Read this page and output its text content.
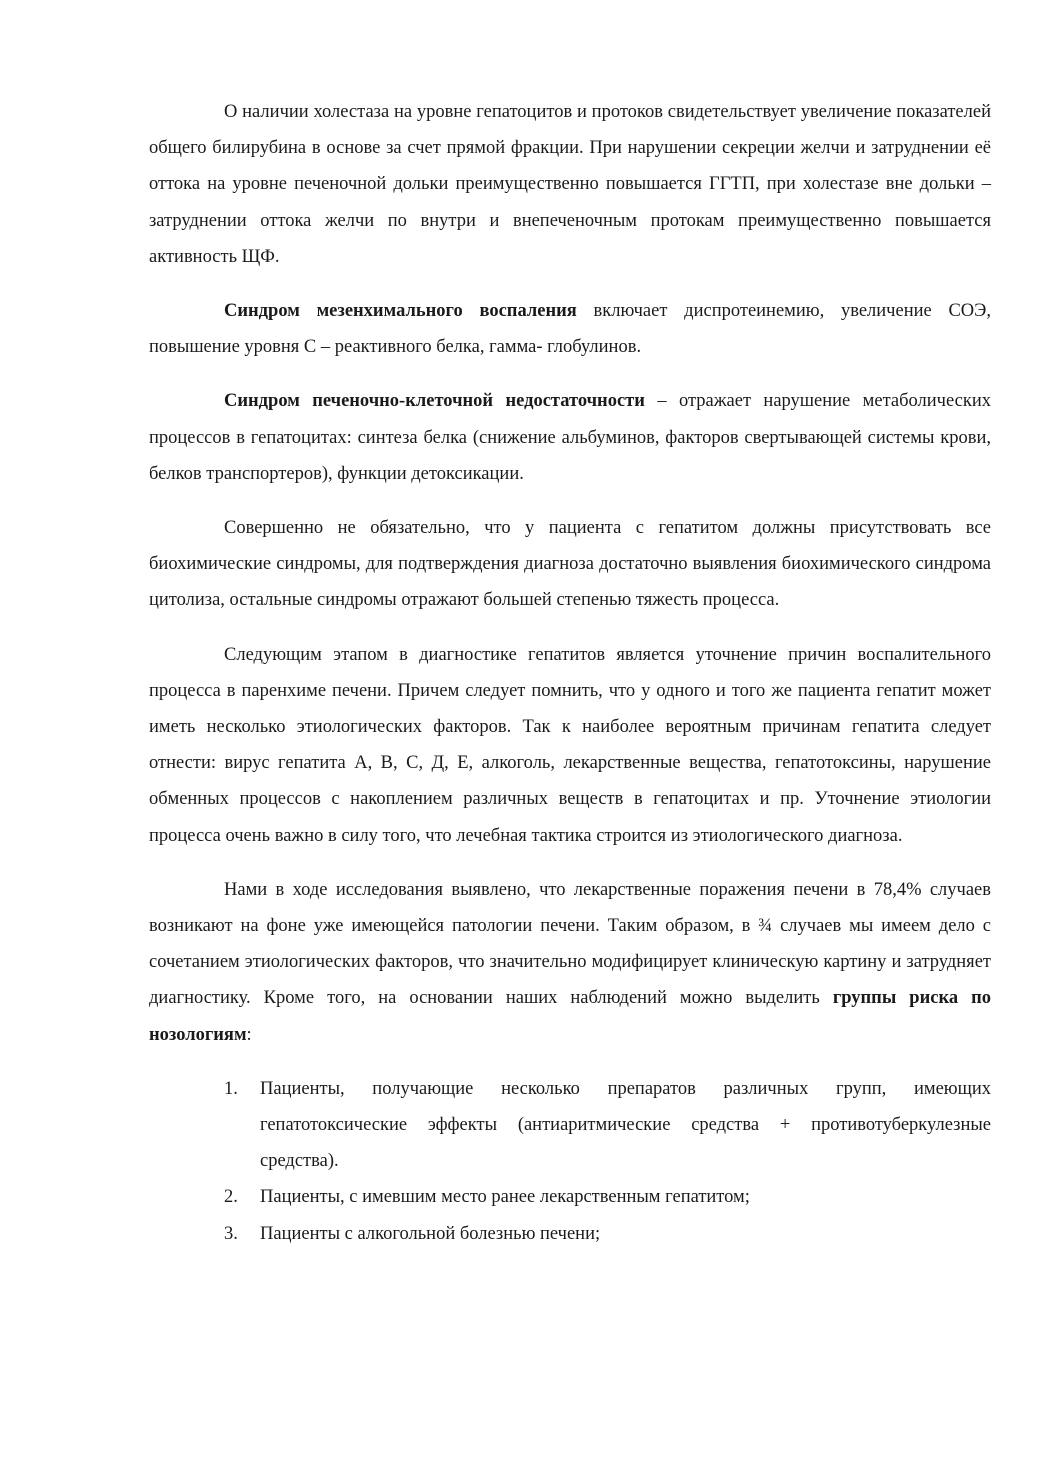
О наличии холестаза на уровне гепатоцитов и протоков свидетельствует увеличение показателей общего билирубина в основе за счет прямой фракции. При нарушении секреции желчи и затруднении её оттока на уровне печеночной дольки преимущественно повышается ГГТП, при холестазе вне дольки – затруднении оттока желчи по внутри и внепеченочным протокам преимущественно повышается активность ЩФ.

Синдром мезенхимального воспаления включает диспротеинемию, увеличение СОЭ, повышение уровня С – реактивного белка, гамма- глобулинов.

Синдром печеночно-клеточной недостаточности – отражает нарушение метаболических процессов в гепатоцитах: синтеза белка (снижение альбуминов, факторов свертывающей системы крови, белков транспортеров), функции детоксикации.

Совершенно не обязательно, что у пациента с гепатитом должны присутствовать все биохимические синдромы, для подтверждения диагноза достаточно выявления биохимического синдрома цитолиза, остальные синдромы отражают большей степенью тяжесть процесса.

Следующим этапом в диагностике гепатитов является уточнение причин воспалительного процесса в паренхиме печени. Причем следует помнить, что у одного и того же пациента гепатит может иметь несколько этиологических факторов. Так к наиболее вероятным причинам гепатита следует отнести: вирус гепатита А, В, С, Д, Е, алкоголь, лекарственные вещества, гепатотоксины, нарушение обменных процессов с накоплением различных веществ в гепатоцитах и пр. Уточнение этиологии процесса очень важно в силу того, что лечебная тактика строится из этиологического диагноза.

Нами в ходе исследования выявлено, что лекарственные поражения печени в 78,4% случаев возникают на фоне уже имеющейся патологии печени. Таким образом, в ¾ случаев мы имеем дело с сочетанием этиологических факторов, что значительно модифицирует клиническую картину и затрудняет диагностику. Кроме того, на основании наших наблюдений можно выделить группы риска по нозологиям:

1. Пациенты, получающие несколько препаратов различных групп, имеющих гепатотоксические эффекты (антиаритмические средства + противотуберкулезные средства).
2. Пациенты, с имевшим место ранее лекарственным гепатитом;
3. Пациенты с алкогольной болезнью печени;
